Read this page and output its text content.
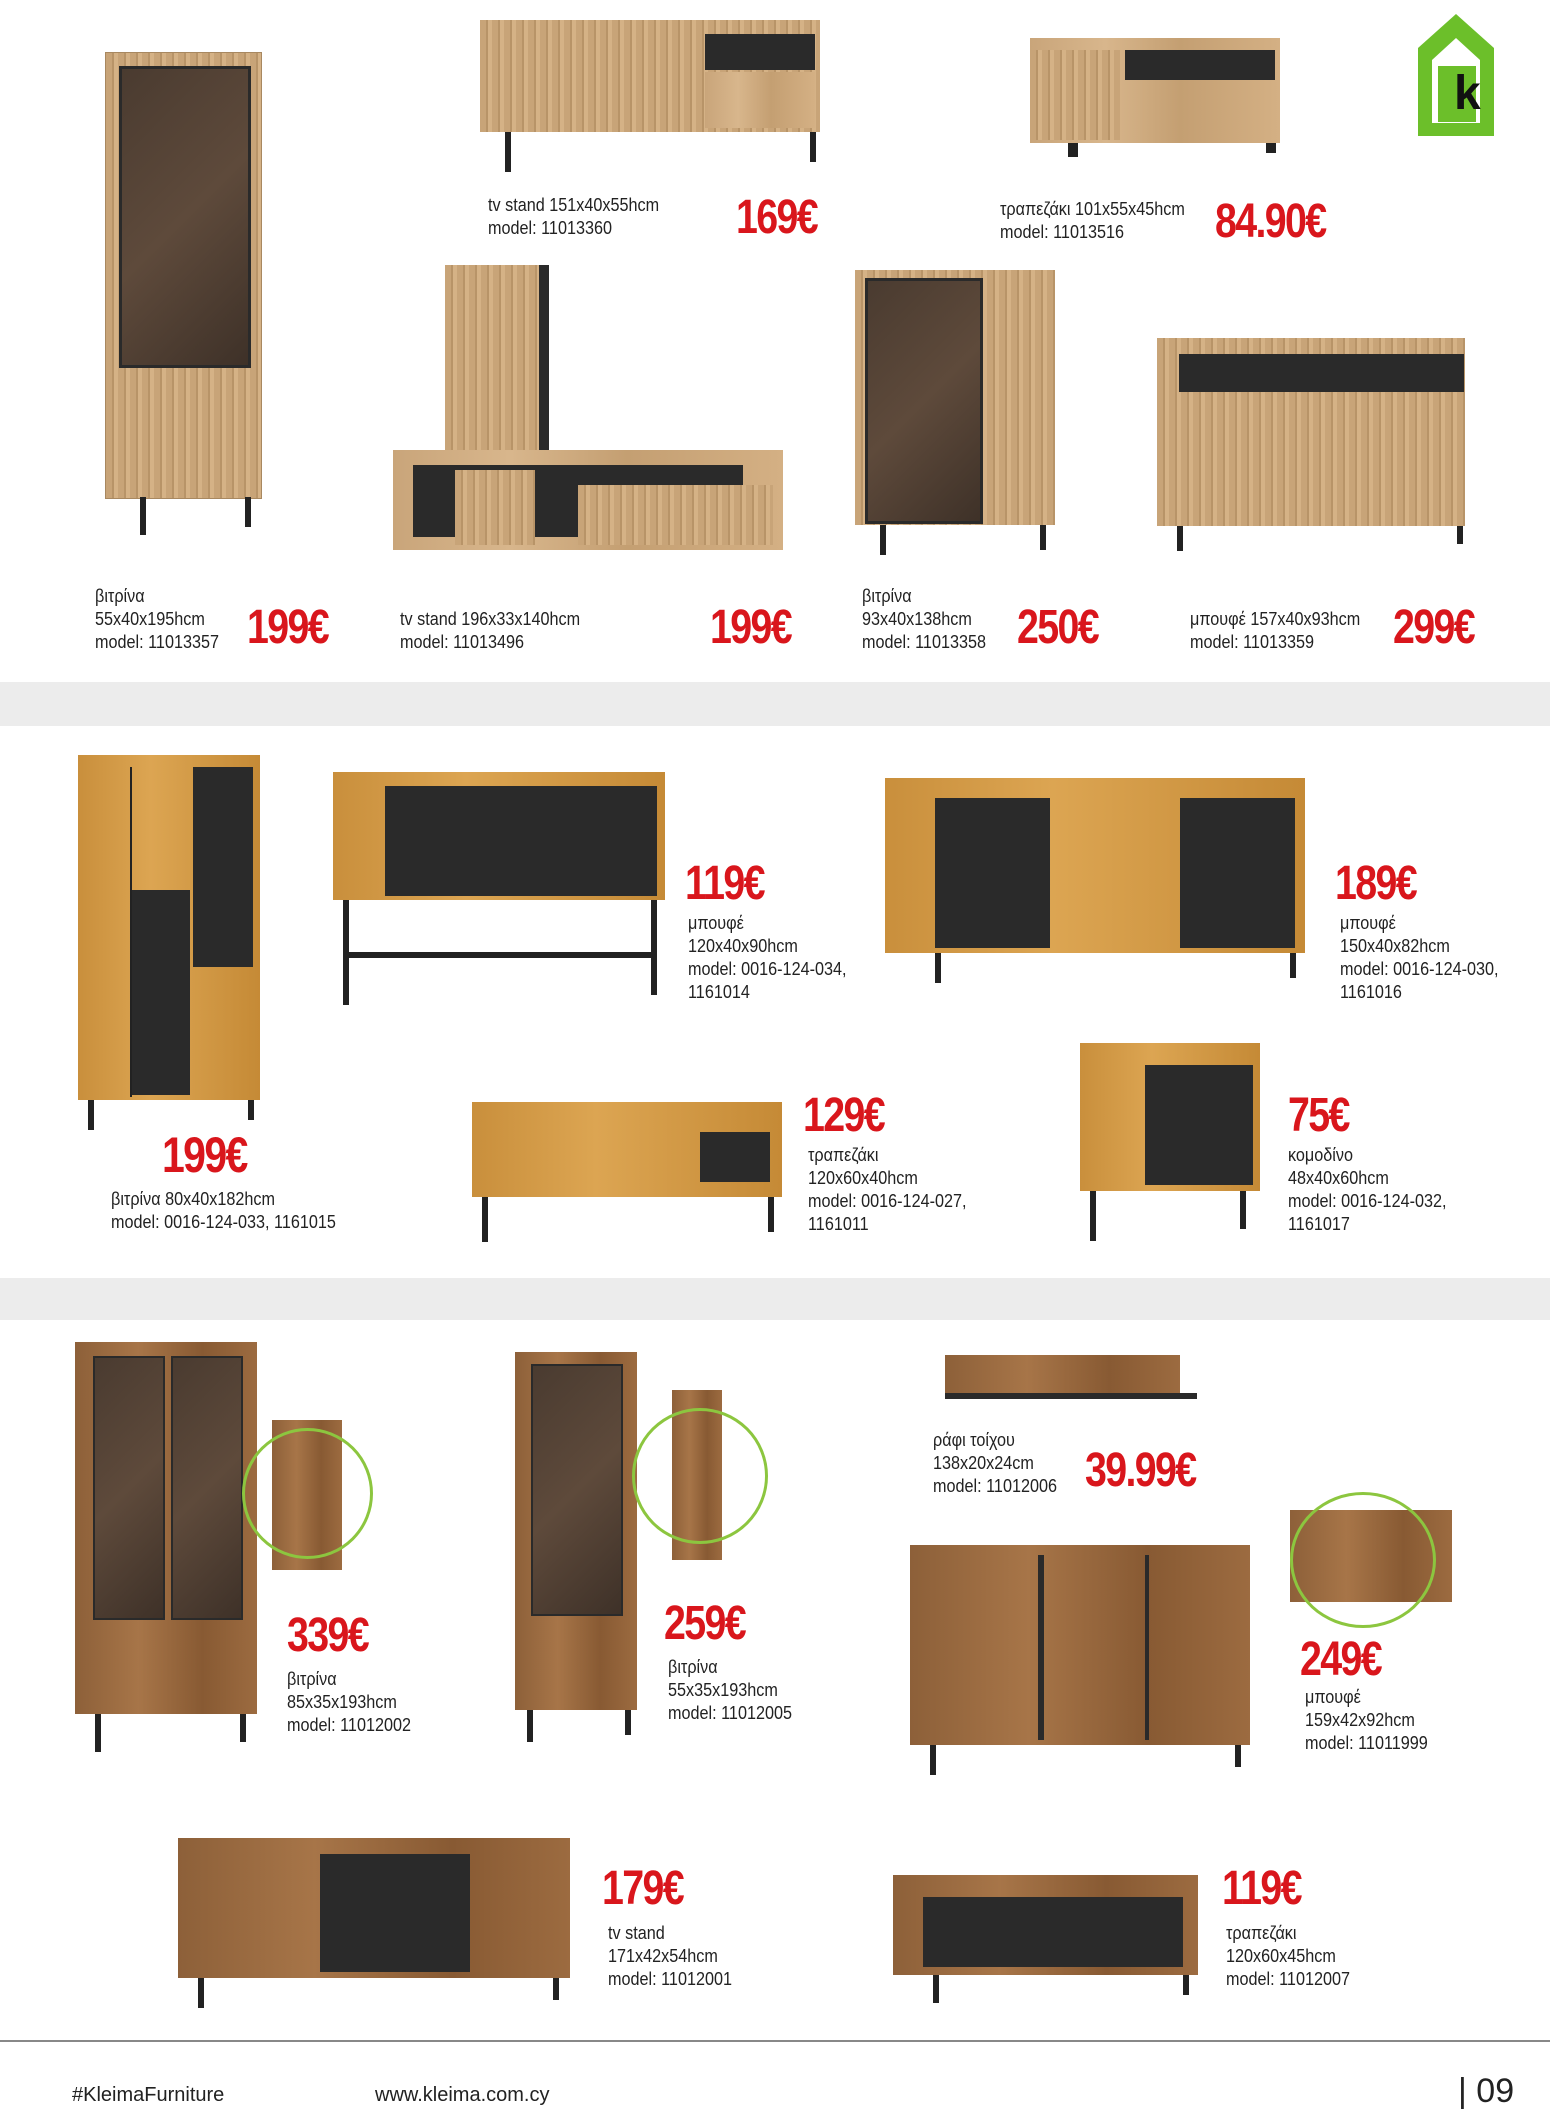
k
199€
βιτρίνα
55x40x195hcm
model: 11013357
169€
tv stand 151x40x55hcm
model: 11013360	84.90€
τραπεζάκι 101x55x45hcm
model: 11013516
199€
tv stand 196x33x140hcm
model: 11013496	250€
βιτρίνα
93x40x138hcm
model: 11013358	299€
μπουφέ 157x40x93hcm
model: 11013359
199€
βιτρίνα 80x40x182hcm
model: 0016-124-033, 1161015
119€
μπουφέ
120x40x90hcm
model: 0016-124-034,
1161014
189€
μπουφέ
150x40x82hcm
model: 0016-124-030,
1161016
129€
τραπεζάκι
120x60x40hcm
model: 0016-124-027,
1161011
75€
κομοδίνο
48x40x60hcm
model: 0016-124-032,
1161017
339€
βιτρίνα
85x35x193hcm
model: 11012002
259€
βιτρίνα
55x35x193hcm
model: 11012005
39.99€
ράφι τοίχου
138x20x24cm
model: 11012006
249€
μπουφέ
159x42x92hcm
model: 11011999
179€
tv stand
171x42x54hcm
model: 11012001
119€
τραπεζάκι
120x60x45hcm
model: 11012007
#KleimaFurniture	www.kleima.com.cy	| 09
